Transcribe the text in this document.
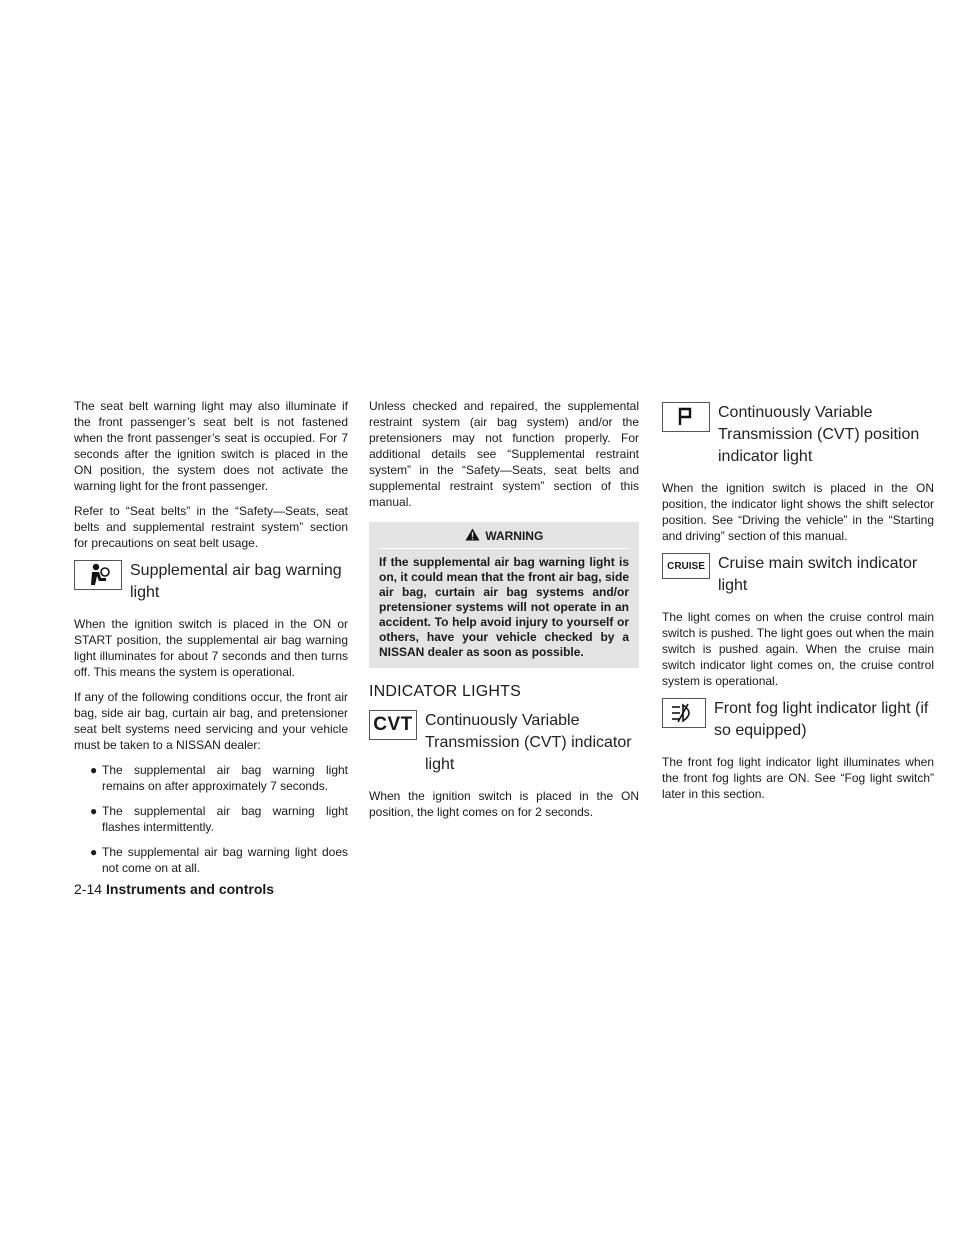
The seat belt warning light may also illuminate if the front passenger’s seat belt is not fastened when the front passenger’s seat is occupied. For 7 seconds after the ignition switch is placed in the ON position, the system does not activate the warning light for the front passenger.

Refer to “Seat belts” in the “Safety—Seats, seat belts and supplemental restraint system” section for precautions on seat belt usage.

Supplemental air bag warning
light

When the ignition switch is placed in the ON or START position, the supplemental air bag warning light illuminates for about 7 seconds and then turns off. This means the system is operational.

If any of the following conditions occur, the front air bag, side air bag, curtain air bag, and pretensioner seat belt systems need servicing and your vehicle must be taken to a NISSAN dealer:

● The supplemental air bag warning light remains on after approximately 7 seconds.
● The supplemental air bag warning light flashes intermittently.
● The supplemental air bag warning light does not come on at all.

Unless checked and repaired, the supplemental restraint system (air bag system) and/or the pretensioners may not function properly. For additional details see “Supplemental restraint system” in the “Safety—Seats, seat belts and supplemental restraint system” section of this manual.

WARNING
If the supplemental air bag warning light is on, it could mean that the front air bag, side air bag, curtain air bag systems and/or pretensioner systems will not operate in an accident. To help avoid injury to yourself or others, have your vehicle checked by a NISSAN dealer as soon as possible.
INDICATOR LIGHTS
CVT Continuously Variable
Transmission (CVT) indicator
light

When the ignition switch is placed in the ON position, the light comes on for 2 seconds.

Continuously Variable
Transmission (CVT) position
indicator light

When the ignition switch is placed in the ON position, the indicator light shows the shift selector position. See “Driving the vehicle” in the “Starting and driving” section of this manual.

CRUISE Cruise main switch indicator
light

The light comes on when the cruise control main switch is pushed. The light goes out when the main switch is pushed again. When the cruise main switch indicator light comes on, the cruise control system is operational.

Front fog light indicator light (if
so equipped)

The front fog light indicator light illuminates when the front fog lights are ON. See “Fog light switch” later in this section.

2-14 Instruments and controls
